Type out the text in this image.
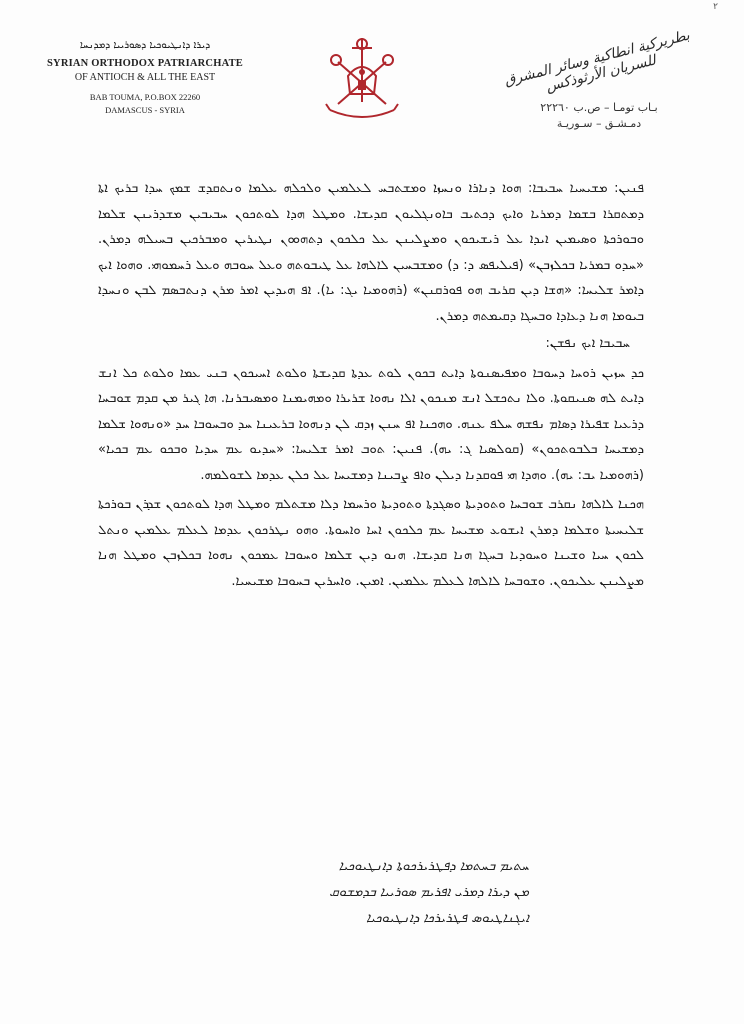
۲
ܕܝܪܐ ܕܐܢܛܝܘܟܝܐ ܕܣܘܪܝܝܐ ܕܡܕܢܚܐ
SYRIAN ORTHODOX PATRIARCHATE
OF ANTIOCH & ALL THE EAST
BAB TOUMA, P.O.BOX 22260
DAMASCUS - SYRIA
بطريركية انطاكية وسائر المشرق للسريان الأرثوذكس
بـاب تومـا – ص.ب ٢٢٢٦٠
دمـشـق – سـوريـة

ܦܢܝܢ: ܡܫܝܚܝܐ ܚܒܝܒܐ: ܗܘܐ ܕܢܐܪܐ ܘܢܚܙܐ ܘܡܫܬܒܚ ܠܥܠܡܝܢ ܘܠܟܠܗ ܥܠܡܐ ܘܢܬܩܕܫ ܫܡܟ ܚܕܐ ܒܪܝܟ ܐܬܐ ܕܡܬܩܪܐ ܒܫܡܐ ܕܡܪܝܐ ܘܐܝܟ ܕܟܬܝܒ ܒܐܘܢܓܠܝܘܢ ܩܕܝܫܐ. ܘܡܛܠ ܗܕܐ ܠܘܬܟܘܢ ܚܒܝܒܝܢ ܡܫܕܪܝܢܢ ܫܠܡܐ ܘܒܘܪܟܬܐ ܘܣܝܡܝܢ ܐܝܕܐ ܥܠ ܪܝܫܝܟܘܢ ܘܡܨܠܝܢܢ ܥܠ ܟܠܟܘܢ ܕܬܗܘܘܢ ܢܛܝܪܝܢ ܘܡܒܪܟܝܢ ܒܚܝܠܗ ܕܡܪܢ. «ܚܕܘ ܒܡܪܝܐ ܒܟܠܙܒܢ» (ܦܝܠܝܦܣ ܕ: ܕ) ܘܡܫܒܚܝܢ ܠܐܠܗܐ ܥܠ ܛܝܒܘܬܗ ܘܥܠ ܚܘܒܗ ܘܥܠ ܪܚܡܘܗܝ. ܘܗܘܐ ܐܝܟ ܕܐܡܪ ܫܠܝܚܐ: «ܗܫܐ ܕܝܢ ܩܪܝܒ ܗܘ ܦܘܪܩܢܢ» (ܪܗܘܡܝܐ ܝܓ: ܝܐ). ܐܦ ܗܝܕܝܢ ܐܡܪ ܡܪܢ ܕܢܬܒܣܡ ܠܒܢ ܘܢܚܕܐ ܒܝܘܡܐ ܗܢܐ ܕܥܐܕܐ ܘܒܚܓܐ ܕܩܝܡܬܗ ܕܡܪܢ.

ܚܒܝܒܐ ܐܝܟ ܢܦܫܢ:

ܟܕ ܚܙܝܢ ܪܘܚܐ ܕܚܘܒܐ ܘܡܦܝܣܢܘܬܐ ܕܐܝܬ ܒܟܘܢ ܠܘܬ ܥܕܬܐ ܩܕܝܫܬܐ ܘܠܘܬ ܐܚܝܟܘܢ ܒܢܝ ܥܡܐ ܘܠܘܬ ܟܠ ܐܢܫ ܕܐܝܬ ܠܗ ܣܢܝܩܘܬܐ. ܘܠܐ ܢܬܟܫܠ ܐܢܫ ܡܢܟܘܢ ܐܠܐ ܢܗܘܐ ܫܪܝܪܐ ܘܡܗܝܡܢܐ ܘܡܣܝܒܪܢܐ. ܗܐ ܓܝܪ ܡܢ ܩܕܡ ܫܘܒܚܐ ܕܪܥܝܐ ܫܦܝܪܐ ܕܣܐܡ ܢܦܫܗ ܚܠܦ ܥܢܗ. ܘܗܟܢܐ ܐܦ ܚܢܢ ܙܕܩ ܠܢ ܕܢܗܘܐ ܒܪܥܝܢܐ ܚܕ ܘܒܚܘܒܐ ܚܕ «ܘܢܗܘܐ ܫܠܡܐ ܕܡܫܝܚܐ ܒܠܒܘܬܟܘܢ» (ܩܘܠܣܝܐ ܓ: ܝܗ). ܦܢܝܢ: ܬܘܒ ܐܡܪ ܫܠܝܚܐ: «ܚܕܝܘ ܥܡ ܚܕܝܐ ܘܒܟܘ ܥܡ ܒܟܝܐ» (ܪܗܘܡܝܐ ܝܒ: ܝܗ). ܘܗܕܐ ܗܝ ܦܘܩܕܢܐ ܕܝܠܢ ܘܐܦ ܨܒܝܢܐ ܕܡܫܝܚܐ ܥܠ ܟܠܢ ܥܕܡܐ ܠܫܘܠܡܗ.

ܗܟܢܐ ܠܐܠܗܐ ܢܩܪܒ ܫܘܒܚܐ ܘܬܘܕܝܬܐ ܘܣܓܕܬܐ ܘܬܘܕܝܬܐ ܘܪܚܡܐ ܕܠܐ ܡܫܬܠܡ ܘܡܛܠ ܗܕܐ ܠܘܬܟܘܢ ܫܕܪܢ ܒܘܪܟܬܐ ܫܠܝܚܝܬܐ ܘܫܠܡܐ ܕܡܪܢ ܐܝܫܘܥ ܡܫܝܚܐ ܥܡ ܟܠܟܘܢ ܐܚܐ ܘܐܚܘܬܐ. ܘܗܘ ܢܛܪܟܘܢ ܥܕܡܐ ܠܥܠܡ ܥܠܡܝܢ ܘܢܬܠ ܠܟܘܢ ܚܝܐ ܘܫܝܢܐ ܘܚܘܕܝܐ ܒܚܓܐ ܗܢܐ ܩܕܝܫܐ. ܗܢܘ ܕܝܢ ܫܠܡܐ ܘܚܘܒܐ ܥܡܟܘܢ ܢܗܘܐ ܒܟܠܙܒܢ ܘܡܛܠ ܗܢܐ ܡܨܠܝܢܢ ܥܠܝܟܘܢ. ܘܫܘܒܚܐ ܠܐܠܗܐ ܠܥܠܡ ܥܠܡܝܢ. ܐܡܝܢ. ܘܐܚܪܝܢ ܒܚܘܒܐ ܡܫܝܚܝܐ.

ܚܬܝܡ ܒܚܬܡܐ ܕܦܛܪܝܪܟܘܬܐ ܕܐܢܛܝܘܟܝܐ
ܡܢ ܕܝܪܐ ܕܡܪܝ ܐܦܪܝܡ ܣܘܪܝܝܐ ܒܕܡܫܘܩ
ܐܝܓܢܐܛܝܘܣ ܦܛܪܝܪܟܐ ܕܐܢܛܝܘܟܝܐ
